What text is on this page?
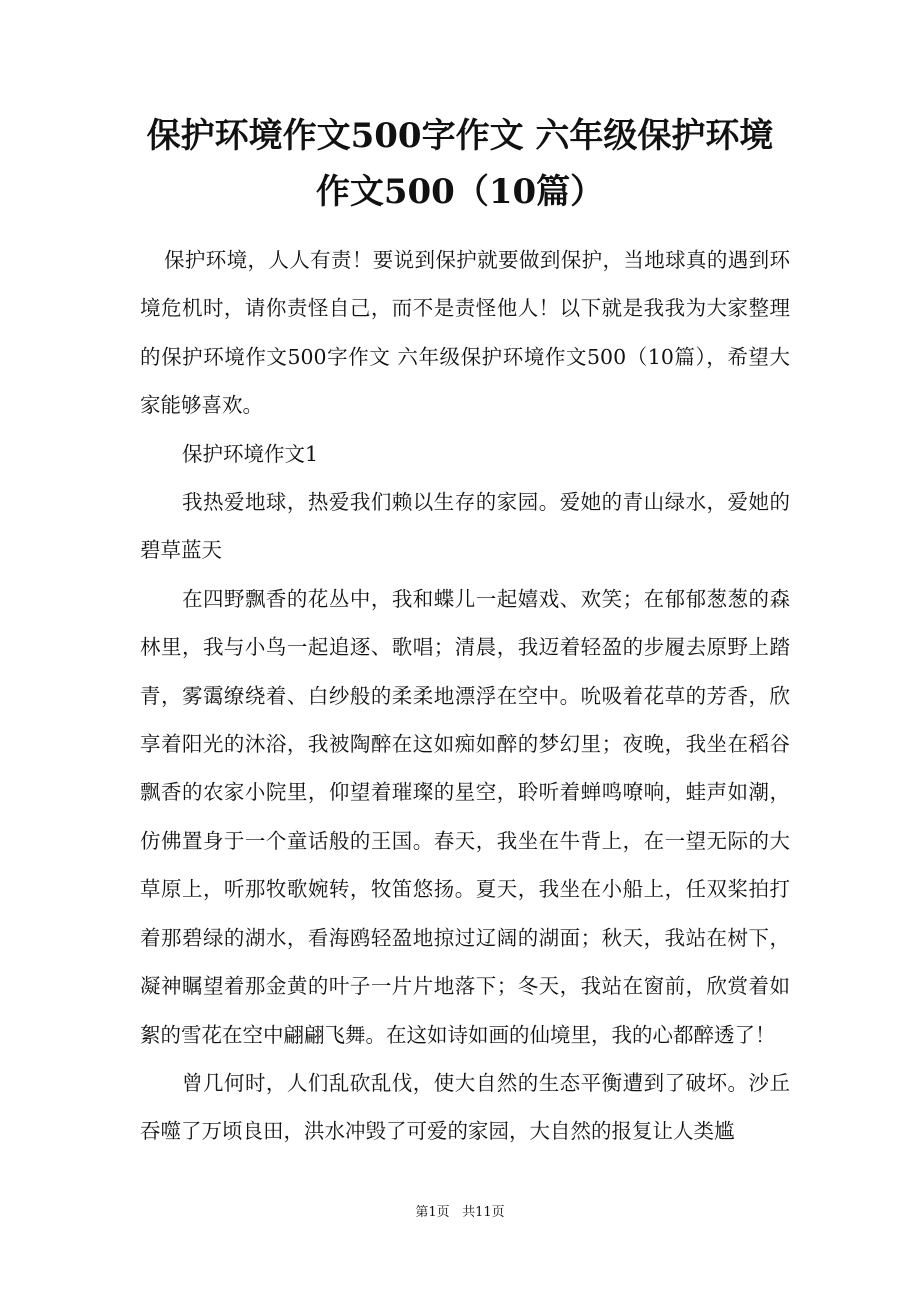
保护环境作文500字作文 六年级保护环境
作文500（10篇）

保护环境，人人有责！要说到保护就要做到保护，当地球真的遇到环境危机时，请你责怪自己，而不是责怪他人！以下就是我我为大家整理的保护环境作文500字作文 六年级保护环境作文500（10篇），希望大家能够喜欢。

保护环境作文1

我热爱地球，热爱我们赖以生存的家园。爱她的青山绿水，爱她的碧草蓝天

在四野飘香的花丛中，我和蝶儿一起嬉戏、欢笑；在郁郁葱葱的森林里，我与小鸟一起追逐、歌唱；清晨，我迈着轻盈的步履去原野上踏青，雾霭缭绕着、白纱般的柔柔地漂浮在空中。吮吸着花草的芳香，欣享着阳光的沐浴，我被陶醉在这如痴如醉的梦幻里；夜晚，我坐在稻谷飘香的农家小院里，仰望着璀璨的星空，聆听着蝉鸣嘹响，蛙声如潮，仿佛置身于一个童话般的王国。春天，我坐在牛背上，在一望无际的大草原上，听那牧歌婉转，牧笛悠扬。夏天，我坐在小船上，任双桨拍打着那碧绿的湖水，看海鸥轻盈地掠过辽阔的湖面；秋天，我站在树下，凝神瞩望着那金黄的叶子一片片地落下；冬天，我站在窗前，欣赏着如絮的雪花在空中翩翩飞舞。在这如诗如画的仙境里，我的心都醉透了！

曾几何时，人们乱砍乱伐，使大自然的生态平衡遭到了破坏。沙丘吞噬了万顷良田，洪水冲毁了可爱的家园，大自然的报复让人类尴

第1页 共11页
